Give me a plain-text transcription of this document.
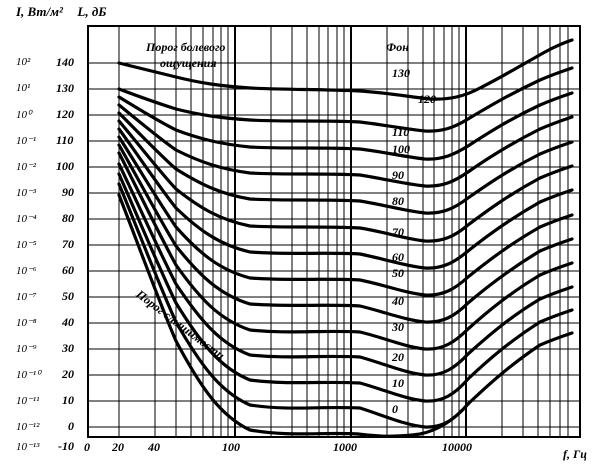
I, Вт/м² L, дБ
f, Гц
10²
10¹
10⁰
10⁻¹
10⁻²
10⁻³
10⁻⁴
10⁻⁵
10⁻⁶
10⁻⁷
10⁻⁸
10⁻⁹
10⁻¹⁰
10⁻¹¹
10⁻¹²
10⁻¹³
140
130
120
110
100
90
80
70
60
50
40
30
20
10
0
-10 0 20 40	100	1000	10000
Порог болевого
ощущения
Фон
Порог слышимости
130
120
110
100
90
80
70
60
50
40
30
20
10
0
